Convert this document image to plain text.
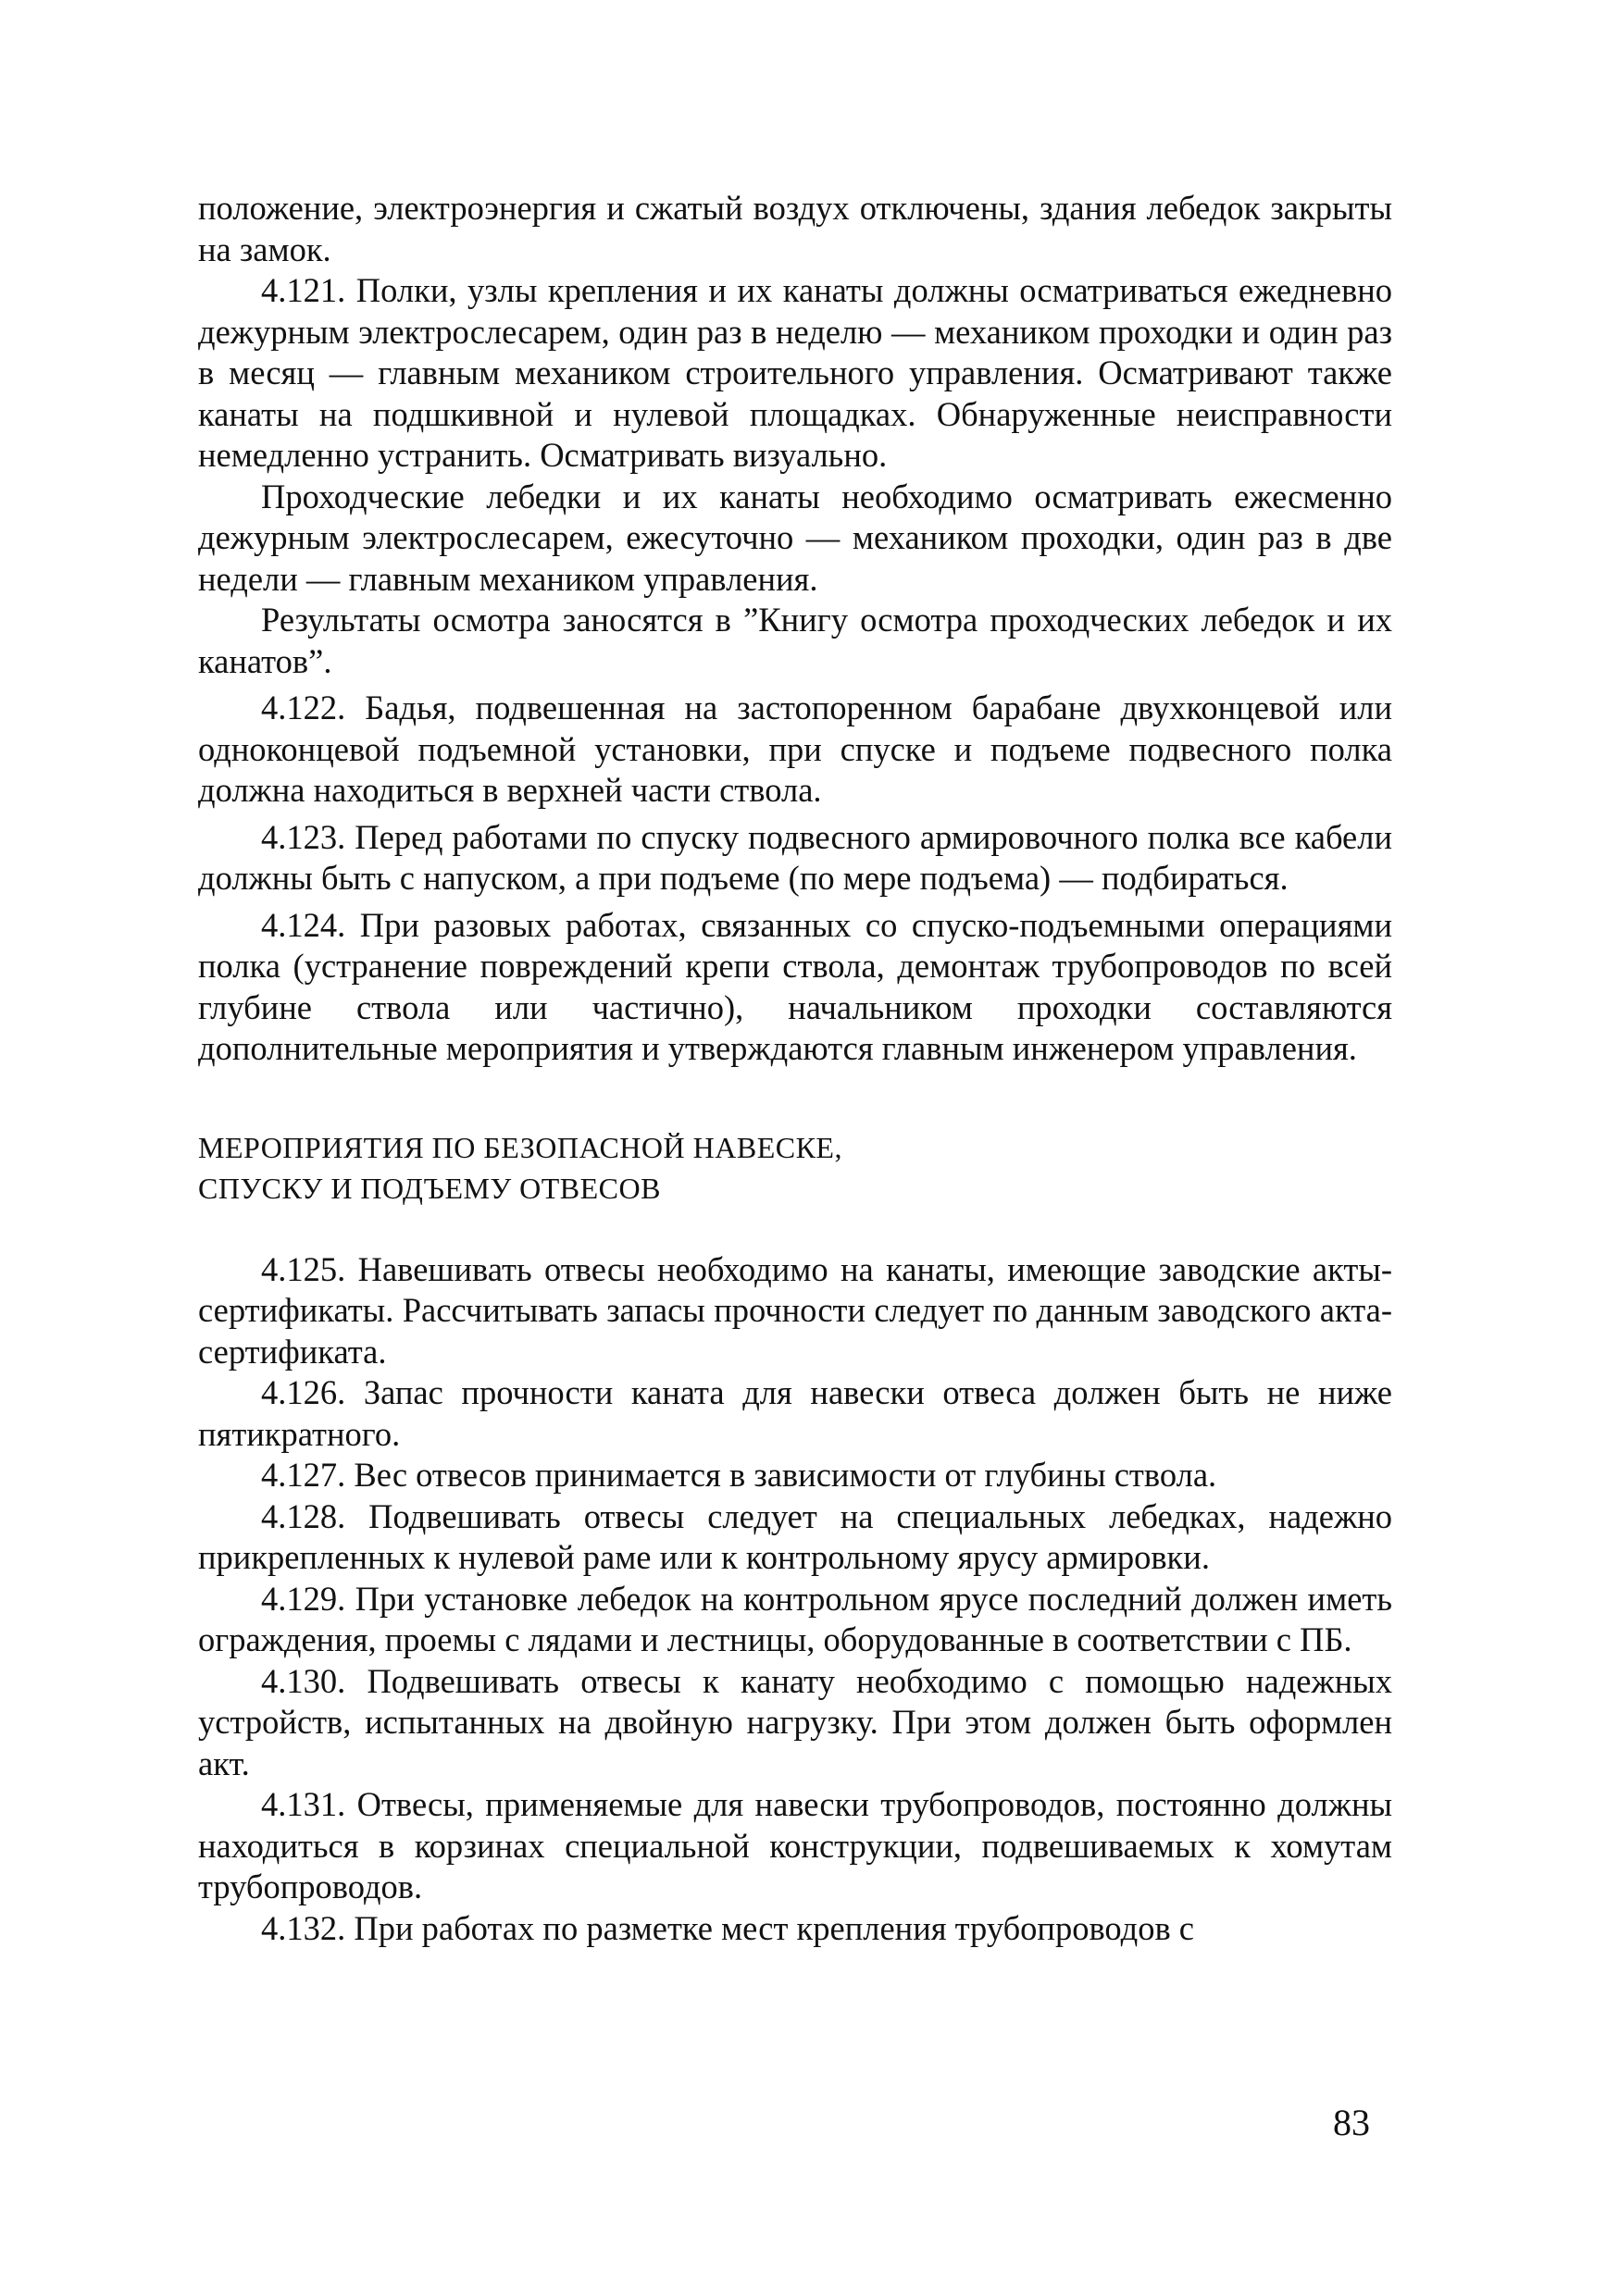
положение, электроэнергия и сжатый воздух отключены, здания лебедок закрыты на замок.

4.121. Полки, узлы крепления и их канаты должны осматриваться ежедневно дежурным электрослесарем, один раз в неделю — механиком проходки и один раз в месяц — главным механиком строительного управления. Осматривают также канаты на подшкивной и нулевой площадках. Обнаруженные неисправности немедленно устранить. Осматривать визуально.

Проходческие лебедки и их канаты необходимо осматривать ежесменно дежурным электрослесарем, ежесуточно — механиком проходки, один раз в две недели — главным механиком управления.

Результаты осмотра заносятся в ”Книгу осмотра проходческих лебедок и их канатов”.

4.122. Бадья, подвешенная на застопоренном барабане двухконцевой или одноконцевой подъемной установки, при спуске и подъеме подвесного полка должна находиться в верхней части ствола.

4.123. Перед работами по спуску подвесного армировочного полка все кабели должны быть с напуском, а при подъеме (по мере подъема) — подбираться.

4.124. При разовых работах, связанных со спуско-подъемными операциями полка (устранение повреждений крепи ствола, демонтаж трубопроводов по всей глубине ствола или частично), начальником проходки составляются дополнительные мероприятия и утверждаются главным инженером управления.

МЕРОПРИЯТИЯ ПО БЕЗОПАСНОЙ НАВЕСКЕ,
СПУСКУ И ПОДЪЕМУ ОТВЕСОВ

4.125. Навешивать отвесы необходимо на канаты, имеющие заводские акты-сертификаты. Рассчитывать запасы прочности следует по данным заводского акта-сертификата.

4.126. Запас прочности каната для навески отвеса должен быть не ниже пятикратного.

4.127. Вес отвесов принимается в зависимости от глубины ствола.

4.128. Подвешивать отвесы следует на специальных лебедках, надежно прикрепленных к нулевой раме или к контрольному ярусу армировки.

4.129. При установке лебедок на контрольном ярусе последний должен иметь ограждения, проемы с лядами и лестницы, оборудованные в соответствии с ПБ.

4.130. Подвешивать отвесы к канату необходимо с помощью надежных устройств, испытанных на двойную нагрузку. При этом должен быть оформлен акт.

4.131. Отвесы, применяемые для навески трубопроводов, постоянно должны находиться в корзинах специальной конструкции, подвешиваемых к хомутам трубопроводов.

4.132. При работах по разметке мест крепления трубопроводов с

83
